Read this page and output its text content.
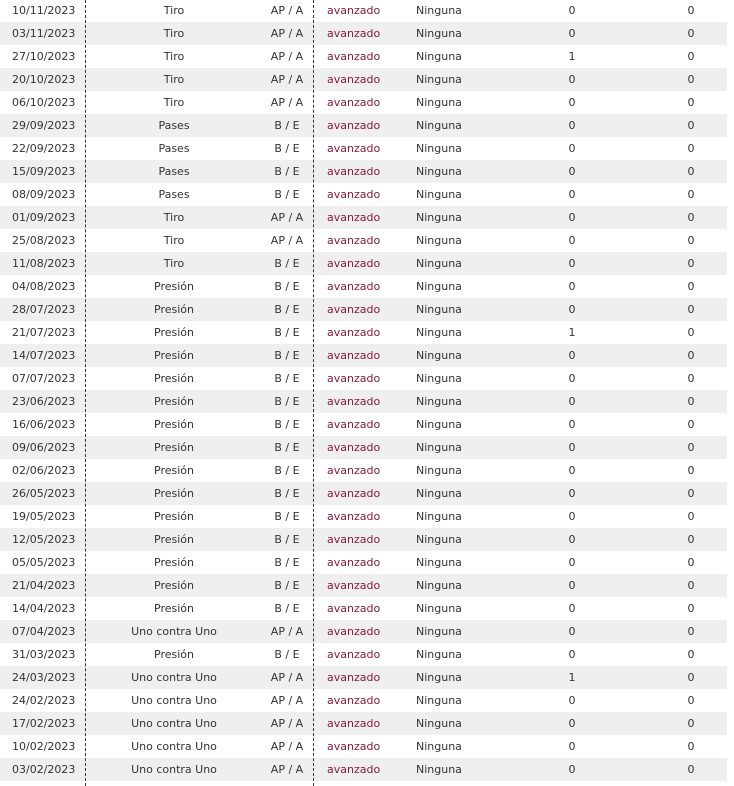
03/02/2023	Uno contra Uno	AP / A	avanzado	Ninguna	0	0
10/02/2023	Uno contra Uno	AP / A	avanzado	Ninguna	0	0
17/02/2023	Uno contra Uno	AP / A	avanzado	Ninguna	0	0
24/02/2023	Uno contra Uno	AP / A	avanzado	Ninguna	0	0
24/03/2023	Uno contra Uno	AP / A	avanzado	Ninguna	1	0
31/03/2023	Presión	B / E	avanzado	Ninguna	0	0
07/04/2023	Uno contra Uno	AP / A	avanzado	Ninguna	0	0
14/04/2023	Presión	B / E	avanzado	Ninguna	0	0
21/04/2023	Presión	B / E	avanzado	Ninguna	0	0
05/05/2023	Presión	B / E	avanzado	Ninguna	0	0
12/05/2023	Presión	B / E	avanzado	Ninguna	0	0
19/05/2023	Presión	B / E	avanzado	Ninguna	0	0
26/05/2023	Presión	B / E	avanzado	Ninguna	0	0
02/06/2023	Presión	B / E	avanzado	Ninguna	0	0
09/06/2023	Presión	B / E	avanzado	Ninguna	0	0
16/06/2023	Presión	B / E	avanzado	Ninguna	0	0
23/06/2023	Presión	B / E	avanzado	Ninguna	0	0
07/07/2023	Presión	B / E	avanzado	Ninguna	0	0
14/07/2023	Presión	B / E	avanzado	Ninguna	0	0
21/07/2023	Presión	B / E	avanzado	Ninguna	1	0
28/07/2023	Presión	B / E	avanzado	Ninguna	0	0
04/08/2023	Presión	B / E	avanzado	Ninguna	0	0
11/08/2023	Tiro	B / E	avanzado	Ninguna	0	0
25/08/2023	Tiro	AP / A	avanzado	Ninguna	0	0
01/09/2023	Tiro	AP / A	avanzado	Ninguna	0	0
08/09/2023	Pases	B / E	avanzado	Ninguna	0	0
15/09/2023	Pases	B / E	avanzado	Ninguna	0	0
22/09/2023	Pases	B / E	avanzado	Ninguna	0	0
29/09/2023	Pases	B / E	avanzado	Ninguna	0	0
06/10/2023	Tiro	AP / A	avanzado	Ninguna	0	0
20/10/2023	Tiro	AP / A	avanzado	Ninguna	0	0
27/10/2023	Tiro	AP / A	avanzado	Ninguna	1	0
03/11/2023	Tiro	AP / A	avanzado	Ninguna	0	0
10/11/2023	Tiro	AP / A	avanzado	Ninguna	0	0
